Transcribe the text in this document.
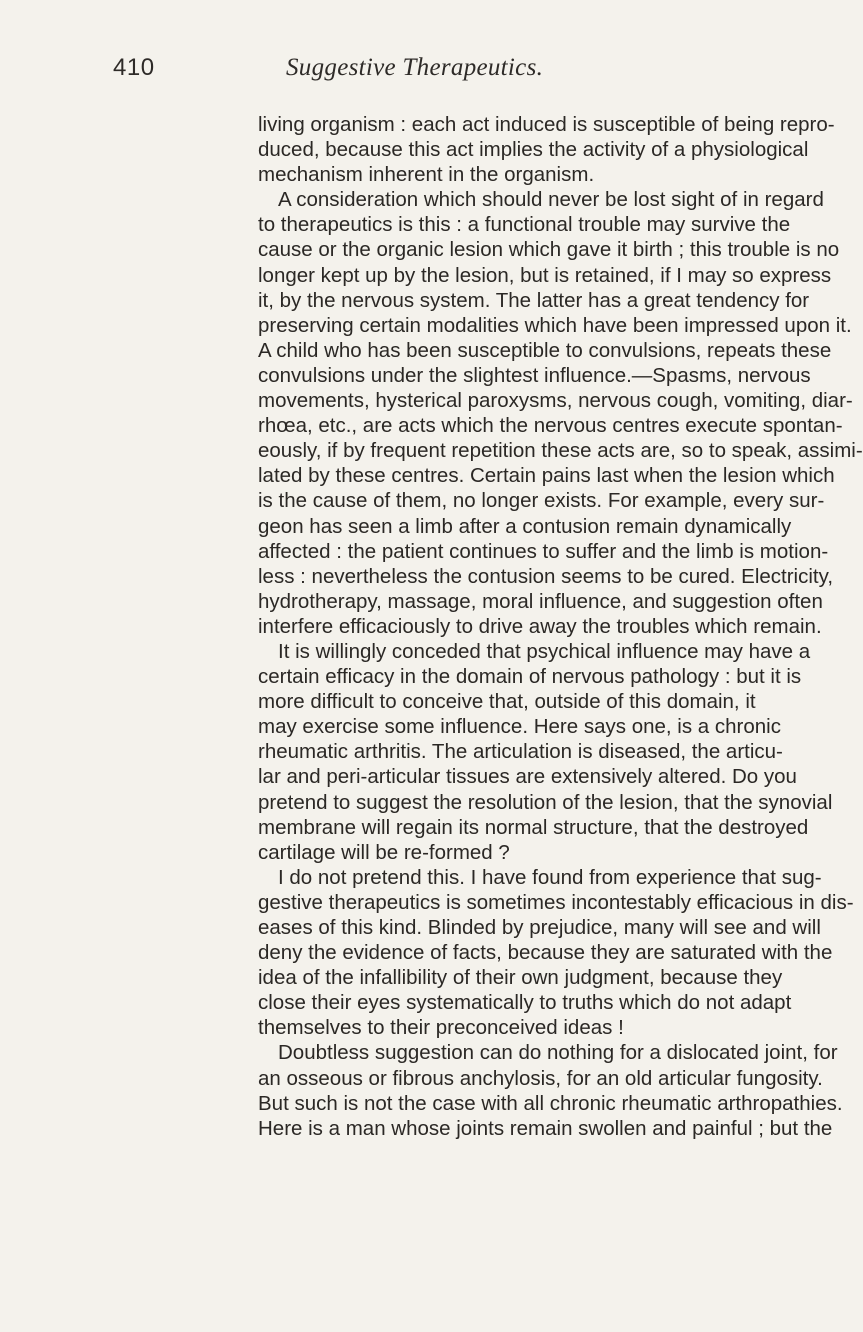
410	Suggestive Therapeutics.
living organism : each act induced is susceptible of being repro-
duced, because this act implies the activity of a physiological
mechanism inherent in the organism.
A consideration which should never be lost sight of in regard
to therapeutics is this : a functional trouble may survive the
cause or the organic lesion which gave it birth ; this trouble is no
longer kept up by the lesion, but is retained, if I may so express
it, by the nervous system. The latter has a great tendency for
preserving certain modalities which have been impressed upon it.
A child who has been susceptible to convulsions, repeats these
convulsions under the slightest influence.—Spasms, nervous
movements, hysterical paroxysms, nervous cough, vomiting, diar-
rhœa, etc., are acts which the nervous centres execute spontan-
eously, if by frequent repetition these acts are, so to speak, assimi-
lated by these centres. Certain pains last when the lesion which
is the cause of them, no longer exists. For example, every sur-
geon has seen a limb after a contusion remain dynamically
affected : the patient continues to suffer and the limb is motion-
less : nevertheless the contusion seems to be cured. Electricity,
hydrotherapy, massage, moral influence, and suggestion often
interfere efficaciously to drive away the troubles which remain.
It is willingly conceded that psychical influence may have a
certain efficacy in the domain of nervous pathology : but it is
more difficult to conceive that, outside of this domain, it
may exercise some influence. Here says one, is a chronic
rheumatic arthritis. The articulation is diseased, the articu-
lar and peri-articular tissues are extensively altered. Do you
pretend to suggest the resolution of the lesion, that the synovial
membrane will regain its normal structure, that the destroyed
cartilage will be re-formed ?
I do not pretend this. I have found from experience that sug-
gestive therapeutics is sometimes incontestably efficacious in dis-
eases of this kind. Blinded by prejudice, many will see and will
deny the evidence of facts, because they are saturated with the
idea of the infallibility of their own judgment, because they
close their eyes systematically to truths which do not adapt
themselves to their preconceived ideas !
Doubtless suggestion can do nothing for a dislocated joint, for
an osseous or fibrous anchylosis, for an old articular fungosity.
But such is not the case with all chronic rheumatic arthropathies.
Here is a man whose joints remain swollen and painful ; but the
